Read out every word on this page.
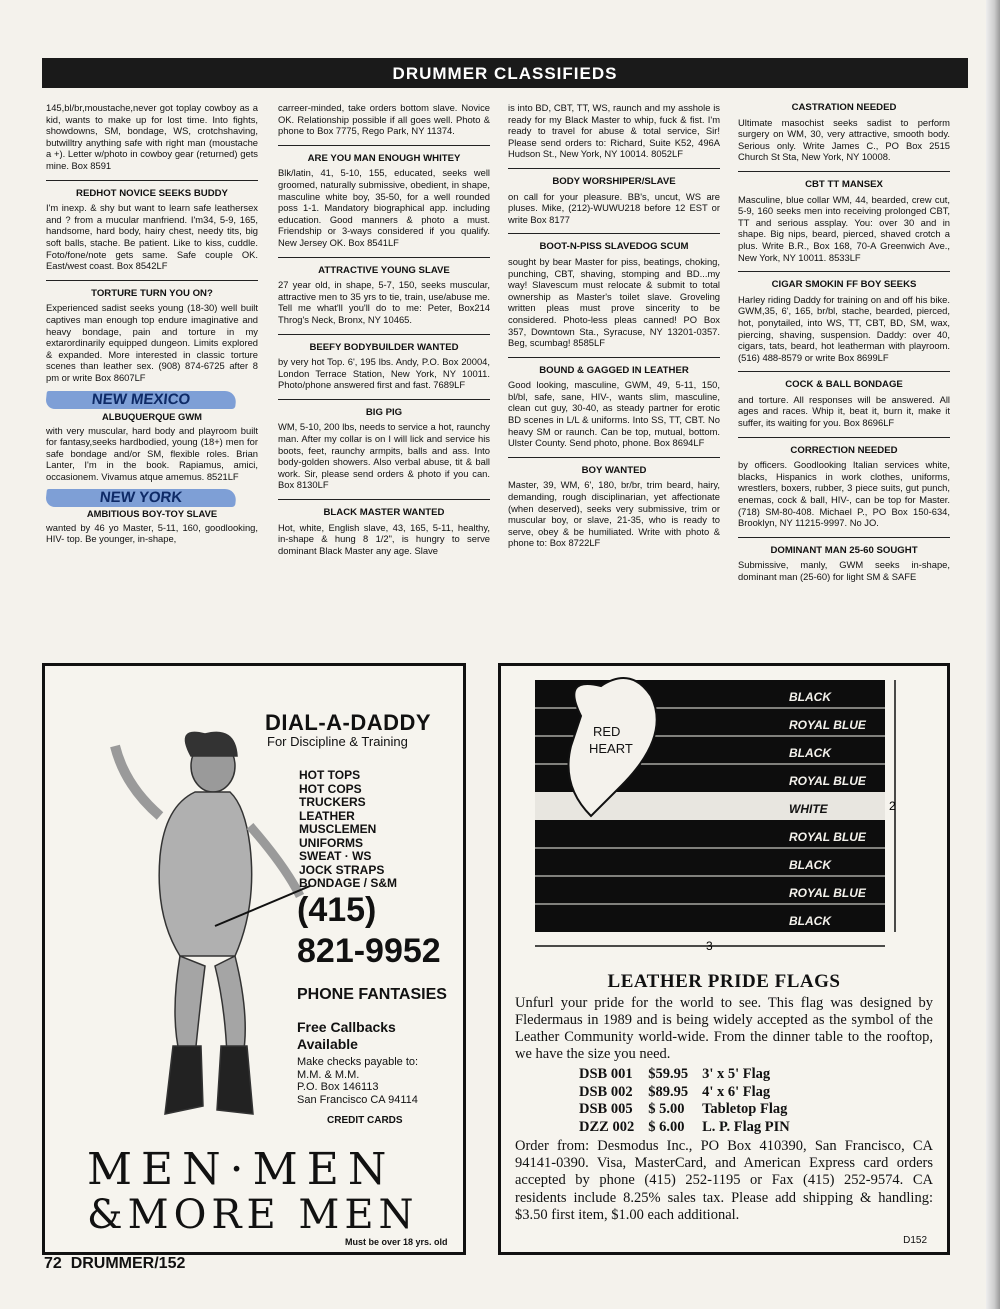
DRUMMER CLASSIFIEDS

145,bl/br,moustache,never got toplay cowboy as a kid, wants to make up for lost time. Into fights, showdowns, SM, bondage, WS, crotchshaving, butwilltry anything safe with right man (moustache a +). Letter w/photo in cowboy gear (returned) gets mine. Box 8591

REDHOT NOVICE SEEKS BUDDY

I'm inexp. & shy but want to learn safe leathersex and ? from a mucular manfriend. I'm34, 5-9, 165, handsome, hard body, hairy chest, needy tits, big soft balls, stache. Be patient. Like to kiss, cuddle. Foto/fone/note gets same. Safe couple OK. East/west coast. Box 8542LF

TORTURE TURN YOU ON?

Experienced sadist seeks young (18-30) well built captives man enough top endure imaginative and heavy bondage, pain and torture in my extarordinarily equipped dungeon. Limits explored & expanded. More interested in classic torture scenes than leather sex. (908) 874-6725 after 8 pm or write Box 8607LF

NEW MEXICO
ALBUQUERQUE GWM

with very muscular, hard body and playroom built for fantasy,seeks hardbodied, young (18+) men for safe bondage and/or SM, flexible roles. Brian Lanter, I'm in the book. Rapiamus, amici, occasionem. Vivamus atque amemus. 8521LF

NEW YORK
AMBITIOUS BOY-TOY SLAVE

wanted by 46 yo Master, 5-11, 160, goodlooking, HIV- top. Be younger, in-shape,

carreer-minded, take orders bottom slave. Novice OK. Relationship possible if all goes well. Photo & phone to Box 7775, Rego Park, NY 11374.

ARE YOU MAN ENOUGH WHITEY

Blk/latin, 41, 5-10, 155, educated, seeks well groomed, naturally submissive, obedient, in shape, masculine white boy, 35-50, for a well rounded poss 1-1. Mandatory biographical app. including education. Good manners & photo a must. Friendship or 3-ways considered if you qualify. New Jersey OK. Box 8541LF

ATTRACTIVE YOUNG SLAVE

27 year old, in shape, 5-7, 150, seeks muscular, attractive men to 35 yrs to tie, train, use/abuse me. Tell me what'll you'll do to me: Peter, Box214 Throg's Neck, Bronx, NY 10465.

BEEFY BODYBUILDER WANTED

by very hot Top. 6', 195 lbs. Andy, P.O. Box 20004, London Terrace Station, New York, NY 10011. Photo/phone answered first and fast. 7689LF

BIG PIG

WM, 5-10, 200 lbs, needs to service a hot, raunchy man. After my collar is on I will lick and service his boots, feet, raunchy armpits, balls and ass. Into body-golden showers. Also verbal abuse, tit & ball work. Sir, please send orders & photo if you can. Box 8130LF

BLACK MASTER WANTED

Hot, white, English slave, 43, 165, 5-11, healthy, in-shape & hung 8 1/2", is hungry to serve dominant Black Master any age. Slave

is into BD, CBT, TT, WS, raunch and my asshole is ready for my Black Master to whip, fuck & fist. I'm ready to travel for abuse & total service, Sir! Please send orders to: Richard, Suite K52, 496A Hudson St., New York, NY 10014. 8052LF

BODY WORSHIPER/SLAVE

on call for your pleasure. BB's, uncut, WS are pluses. Mike, (212)-WUWU218 before 12 EST or write Box 8177

BOOT-N-PISS SLAVEDOG SCUM

sought by bear Master for piss, beatings, choking, punching, CBT, shaving, stomping and BD...my way! Slavescum must relocate & submit to total ownership as Master's toilet slave. Groveling written pleas must prove sincerity to be considered. Photo-less pleas canned! PO Box 357, Downtown Sta., Syracuse, NY 13201-0357. Beg, scumbag! 8585LF

BOUND & GAGGED IN LEATHER

Good looking, masculine, GWM, 49, 5-11, 150, bl/bl, safe, sane, HIV-, wants slim, masculine, clean cut guy, 30-40, as steady partner for erotic BD scenes in L/L & uniforms. Into SS, TT, CBT. No heavy SM or raunch. Can be top, mutual, bottom. Ulster County. Send photo, phone. Box 8694LF

BOY WANTED

Master, 39, WM, 6', 180, br/br, trim beard, hairy, demanding, rough disciplinarian, yet affectionate (when deserved), seeks very submissive, trim or muscular boy, or slave, 21-35, who is ready to serve, obey & be humiliated. Write with photo & phone to: Box 8722LF

CASTRATION NEEDED

Ultimate masochist seeks sadist to perform surgery on WM, 30, very attractive, smooth body. Serious only. Write James C., PO Box 2515 Church St Sta, New York, NY 10008.

CBT TT MANSEX

Masculine, blue collar WM, 44, bearded, crew cut, 5-9, 160 seeks men into receiving prolonged CBT, TT and serious assplay. You: over 30 and in shape. Big nips, beard, pierced, shaved crotch a plus. Write B.R., Box 168, 70-A Greenwich Ave., New York, NY 10011. 8533LF

CIGAR SMOKIN FF BOY SEEKS

Harley riding Daddy for training on and off his bike. GWM,35, 6', 165, br/bl, stache, bearded, pierced, hot, ponytailed, into WS, TT, CBT, BD, SM, wax, piercing, shaving, suspension. Daddy: over 40, cigars, tats, beard, hot leatherman with playroom. (516) 488-8579 or write Box 8699LF

COCK & BALL BONDAGE

and torture. All responses will be answered. All ages and races. Whip it, beat it, burn it, make it suffer, its waiting for you. Box 8696LF

CORRECTION NEEDED

by officers. Goodlooking Italian services white, blacks, Hispanics in work clothes, uniforms, wrestlers, boxers, rubber, 3 piece suits, gut punch, enemas, cock & ball, HIV-, can be top for Master. (718) SM-80-408. Michael P., PO Box 150-634, Brooklyn, NY 11215-9997. No JO.

DOMINANT MAN 25-60 SOUGHT

Submissive, manly, GWM seeks in-shape, dominant man (25-60) for light SM & SAFE

DIAL-A-DADDY
For Discipline & Training
HOT TOPS
HOT COPS
TRUCKERS
LEATHER
MUSCLEMEN
UNIFORMS
SWEAT · WS
JOCK STRAPS
BONDAGE / S&M
(415)
821-9952
PHONE FANTASIES
Free Callbacks
Available
Make checks payable to:
M.M. & M.M.
P.O. Box 146113
San Francisco CA 94114
CREDIT CARDS
MEN·MEN
&MORE MEN
Must be over 18 yrs. old
RED
HEART
BLACK
ROYAL BLUE
BLACK
ROYAL BLUE
WHITE
ROYAL BLUE
BLACK
ROYAL BLUE
BLACK
3
2
LEATHER PRIDE FLAGS
Unfurl your pride for the world to see. This flag was designed by Fledermaus in 1989 and is being widely accepted as the symbol of the Leather Community world-wide. From the dinner table to the rooftop, we have the size you need.
DSB 001	$59.95	3' x 5' Flag
DSB 002	$89.95	4' x 6' Flag
DSB 005	$ 5.00	Tabletop Flag
DZZ 002	$ 6.00	L. P. Flag PIN
Order from: Desmodus Inc., PO Box 410390, San Francisco, CA 94141-0390. Visa, MasterCard, and American Express card orders accepted by phone (415) 252-1195 or Fax (415) 252-9574. CA residents include 8.25% sales tax. Please add shipping & handling: $3.50 first item, $1.00 each additional.
D152
72  DRUMMER/152
